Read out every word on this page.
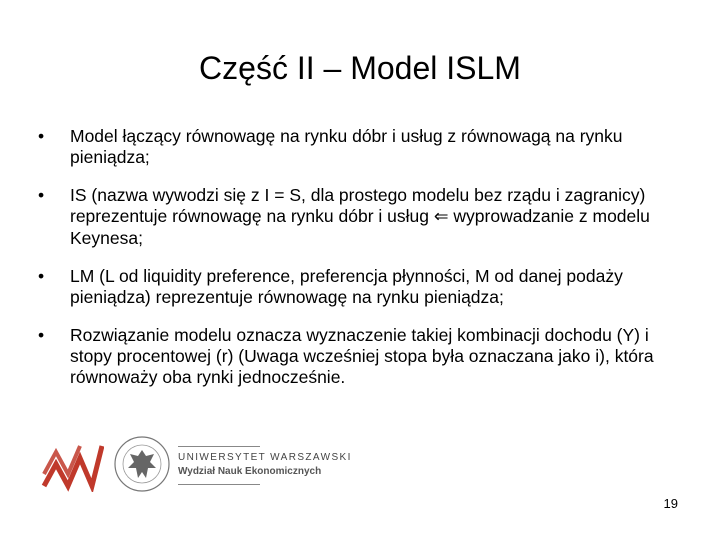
Część II – Model ISLM
•	Model łączący równowagę na rynku dóbr i usług z równowagą na rynku pieniądza;
•	IS (nazwa wywodzi się z I = S, dla prostego modelu bez rządu i zagranicy) reprezentuje równowagę na rynku dóbr i usług ⇐ wyprowadzanie z modelu Keynesa;
•	LM (L od liquidity preference, preferencja płynności, M od danej podaży pieniądza) reprezentuje równowagę na rynku pieniądza;
•	Rozwiązanie modelu oznacza wyznaczenie takiej kombinacji dochodu (Y) i stopy procentowej (r) (Uwaga wcześniej stopa była oznaczana jako i), która równoważy oba rynki jednocześnie.
UNIWERSYTET WARSZAWSKI
Wydział Nauk Ekonomicznych
19
